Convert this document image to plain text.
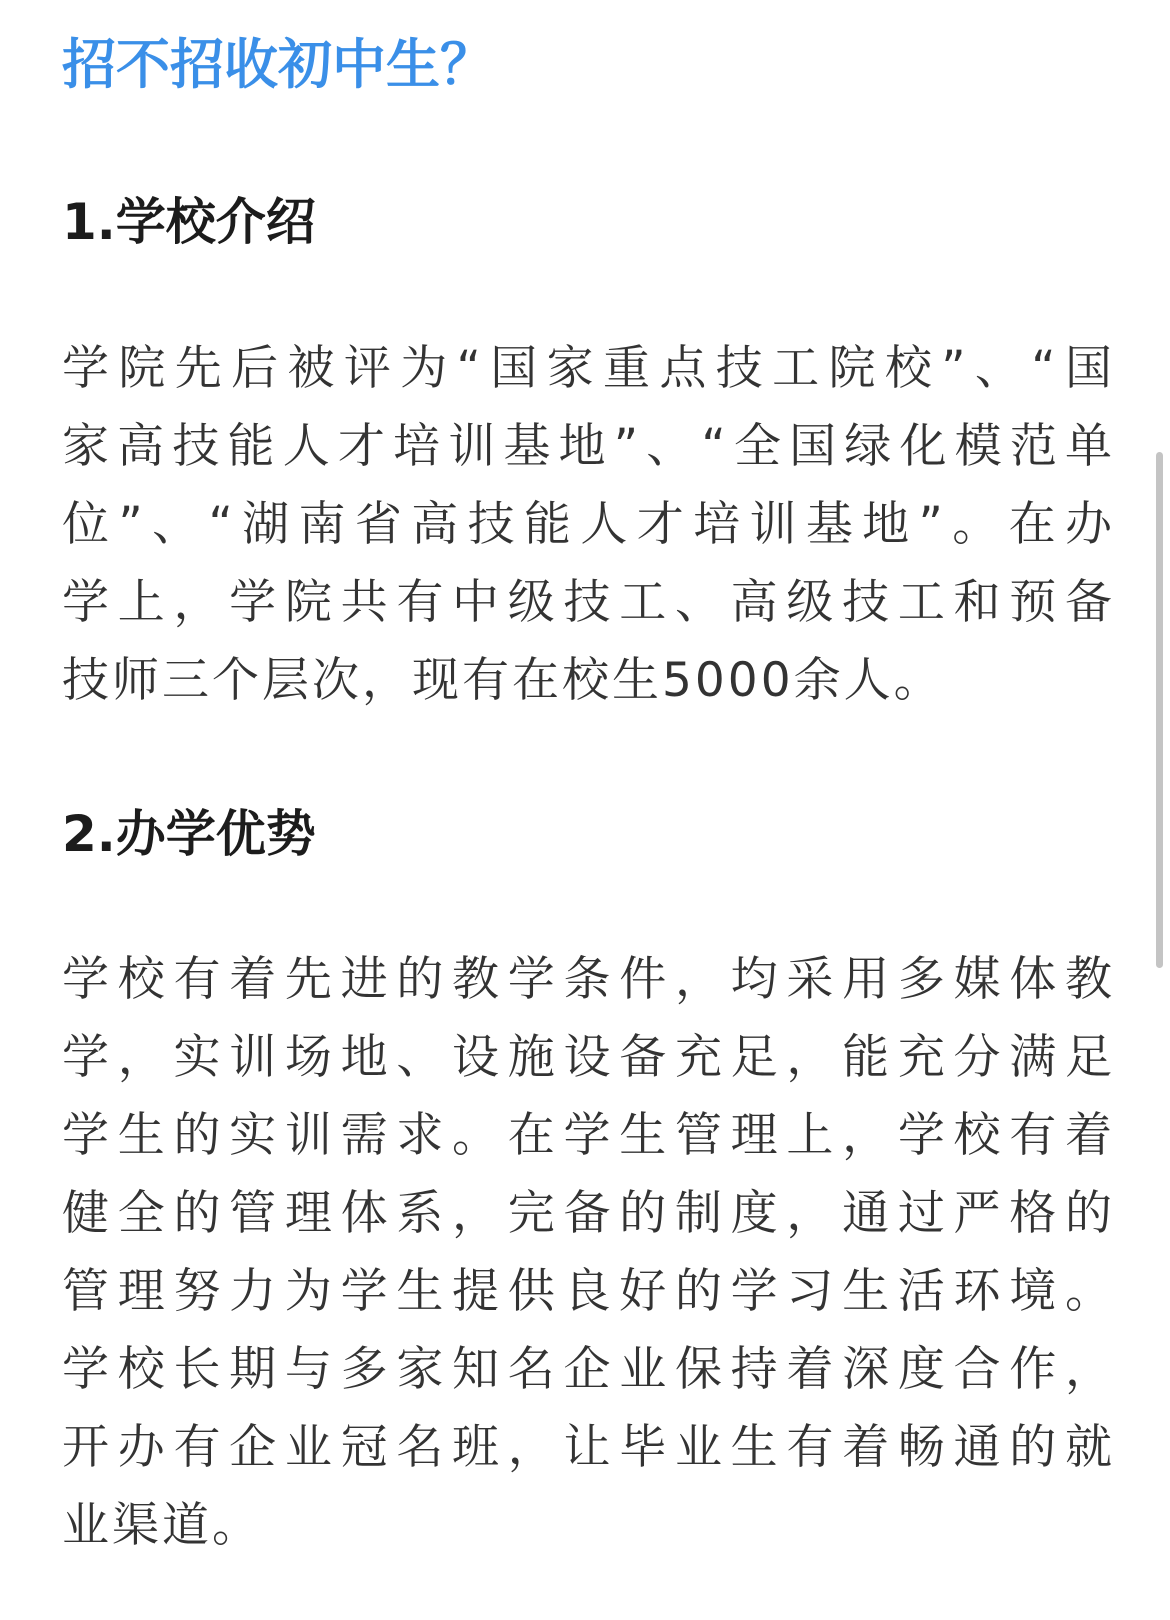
招不招收初中生？
1.学校介绍

学院先后被评为“国家重点技工院校”、“国

家高技能人才培训基地”、“全国绿化模范单

位”、“湖南省高技能人才培训基地”。在办

学上，学院共有中级技工、高级技工和预备

技师三个层次，现有在校生5000余人。

2.办学优势

学校有着先进的教学条件，均采用多媒体教

学，实训场地、设施设备充足，能充分满足

学生的实训需求。在学生管理上，学校有着

健全的管理体系，完备的制度，通过严格的

管理努力为学生提供良好的学习生活环境。

学校长期与多家知名企业保持着深度合作，

开办有企业冠名班，让毕业生有着畅通的就

业渠道。
